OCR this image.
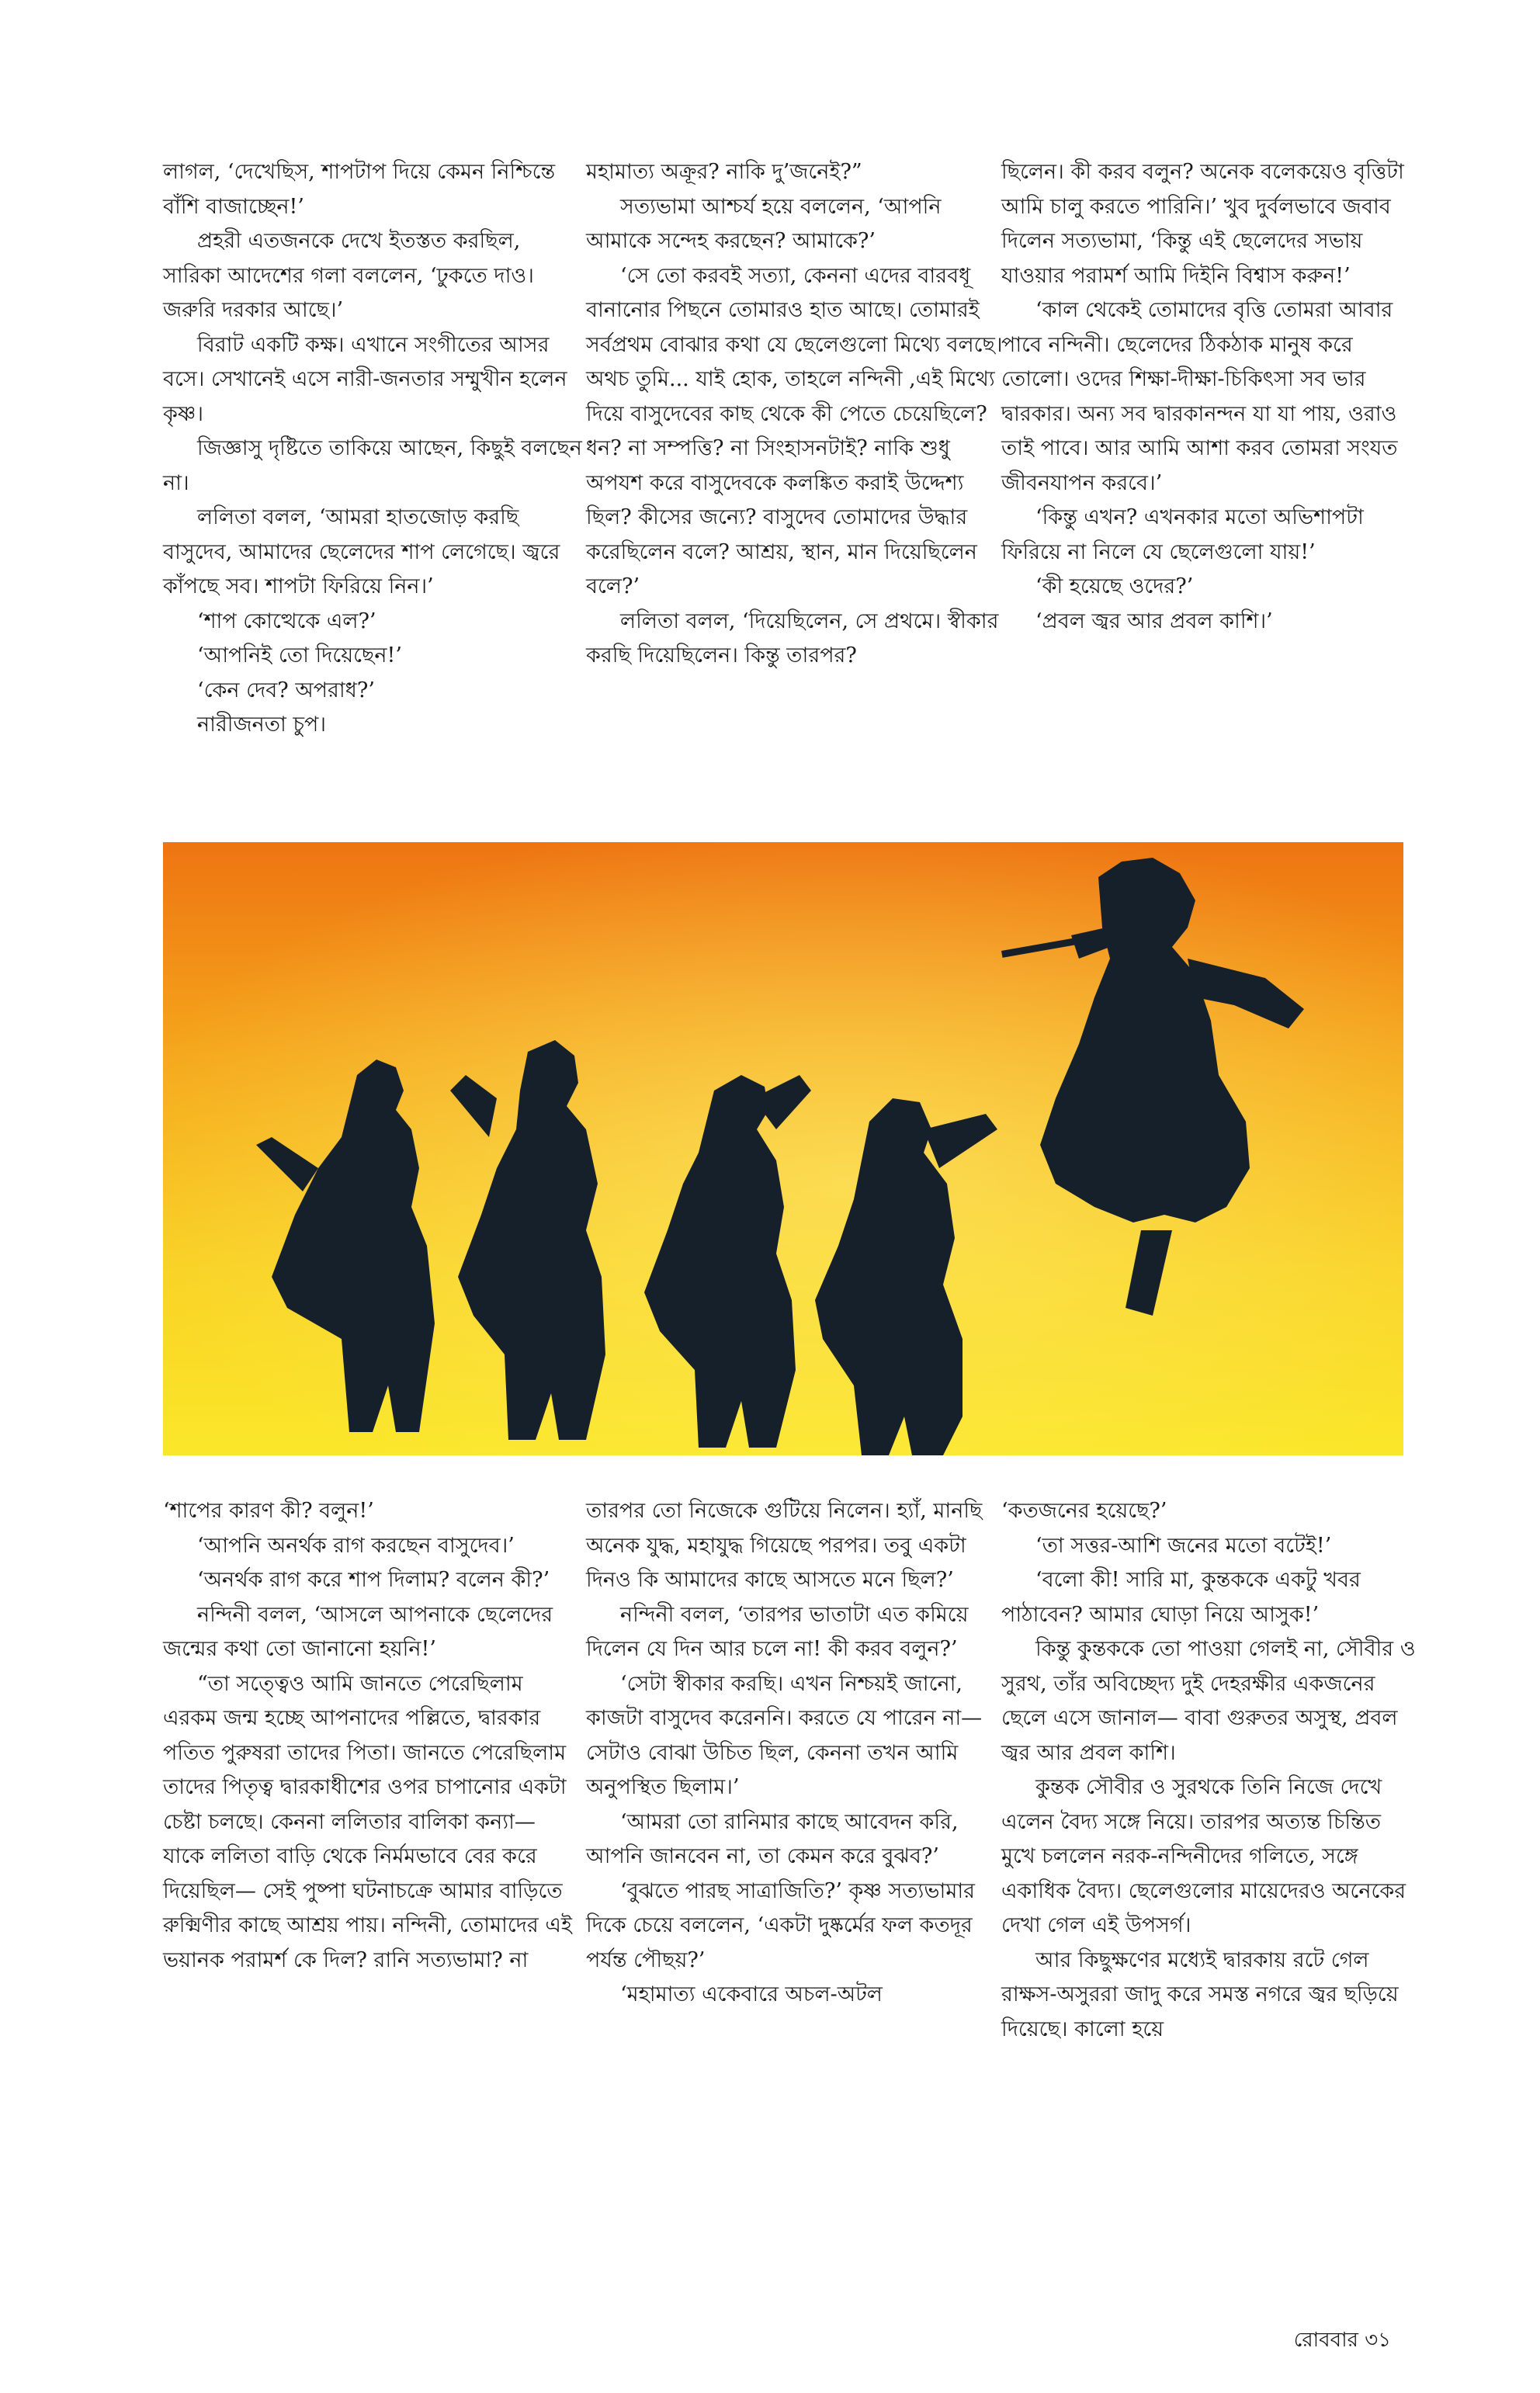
লাগল, ‘দেখেছিস, শাপটাপ দিয়ে কেমন নিশ্চিন্তে বাঁশি বাজাচ্ছেন!’

প্রহরী এতজনকে দেখে ইতস্তত করছিল, সারিকা আদেশের গলা বললেন, ‘ঢুকতে দাও। জরুরি দরকার আছে।’

বিরাট একটি কক্ষ। এখানে সংগীতের আসর বসে। সেখানেই এসে নারী-জনতার সম্মুখীন হলেন কৃষ্ণ।

জিজ্ঞাসু দৃষ্টিতে তাকিয়ে আছেন, কিছুই বলছেন না।

ললিতা বলল, ‘আমরা হাতজোড় করছি বাসুদেব, আমাদের ছেলেদের শাপ লেগেছে। জ্বরে কাঁপছে সব। শাপটা ফিরিয়ে নিন।’

‘শাপ কোত্থেকে এল?’

‘আপনিই তো দিয়েছেন!’

‘কেন দেব? অপরাধ?’

নারীজনতা চুপ।

মহামাত্য অক্রূর? নাকি দু’জনেই?”

সত্যভামা আশ্চর্য হয়ে বললেন, ‘আপনি আমাকে সন্দেহ করছেন? আমাকে?’

‘সে তো করবই সত্যা, কেননা এদের বারবধূ বানানোর পিছনে তোমারও হাত আছে। তোমারই সর্বপ্রথম বোঝার কথা যে ছেলেগুলো মিথ্যে বলছে। অথচ তুমি... যাই হোক, তাহলে নন্দিনী ,এই মিথ্যে দিয়ে বাসুদেবের কাছ থেকে কী পেতে চেয়েছিলে? ধন? না সম্পত্তি? না সিংহাসনটাই? নাকি শুধু অপযশ করে বাসুদেবকে কলঙ্কিত করাই উদ্দেশ্য ছিল? কীসের জন্যে? বাসুদেব তোমাদের উদ্ধার করেছিলেন বলে? আশ্রয়, স্থান, মান দিয়েছিলেন বলে?’

ললিতা বলল, ‘দিয়েছিলেন, সে প্রথমে। স্বীকার করছি দিয়েছিলেন। কিন্তু তারপর?

ছিলেন। কী করব বলুন? অনেক বলেকয়েও বৃত্তিটা আমি চালু করতে পারিনি।’ খুব দুর্বলভাবে জবাব দিলেন সত্যভামা, ‘কিন্তু এই ছেলেদের সভায় যাওয়ার পরামর্শ আমি দিইনি বিশ্বাস করুন!’

‘কাল থেকেই তোমাদের বৃত্তি তোমরা আবার পাবে নন্দিনী। ছেলেদের ঠিকঠাক মানুষ করে তোলো। ওদের শিক্ষা-দীক্ষা-চিকিৎসা সব ভার দ্বারকার। অন্য সব দ্বারকানন্দন যা যা পায়, ওরাও তাই পাবে। আর আমি আশা করব তোমরা সংযত জীবনযাপন করবে।’

‘কিন্তু এখন? এখনকার মতো অভিশাপটা ফিরিয়ে না নিলে যে ছেলেগুলো যায়!’

‘কী হয়েছে ওদের?’

‘প্রবল জ্বর আর প্রবল কাশি।’

‘শাপের কারণ কী? বলুন!’

‘আপনি অনর্থক রাগ করছেন বাসুদেব।’

‘অনর্থক রাগ করে শাপ দিলাম? বলেন কী?’

নন্দিনী বলল, ‘আসলে আপনাকে ছেলেদের জন্মের কথা তো জানানো হয়নি!’

“তা সত্ত্বেও আমি জানতে পেরেছিলাম এরকম জন্ম হচ্ছে আপনাদের পল্লিতে, দ্বারকার পতিত পুরুষরা তাদের পিতা। জানতে পেরেছিলাম তাদের পিতৃত্ব দ্বারকাধীশের ওপর চাপানোর একটা চেষ্টা চলছে। কেননা ললিতার বালিকা কন্যা— যাকে ললিতা বাড়ি থেকে নির্মমভাবে বের করে দিয়েছিল— সেই পুষ্পা ঘটনাচক্রে আমার বাড়িতে রুক্মিণীর কাছে আশ্রয় পায়। নন্দিনী, তোমাদের এই ভয়ানক পরামর্শ কে দিল? রানি সত্যভামা? না

তারপর তো নিজেকে গুটিয়ে নিলেন। হ্যাঁ, মানছি অনেক যুদ্ধ, মহাযুদ্ধ গিয়েছে পরপর। তবু একটা দিনও কি আমাদের কাছে আসতে মনে ছিল?’

নন্দিনী বলল, ‘তারপর ভাতাটা এত কমিয়ে দিলেন যে দিন আর চলে না! কী করব বলুন?’

‘সেটা স্বীকার করছি। এখন নিশ্চয়ই জানো, কাজটা বাসুদেব করেননি। করতে যে পারেন না— সেটাও বোঝা উচিত ছিল, কেননা তখন আমি অনুপস্থিত ছিলাম।’

‘আমরা তো রানিমার কাছে আবেদন করি, আপনি জানবেন না, তা কেমন করে বুঝব?’

‘বুঝতে পারছ সাত্রাজিতি?’ কৃষ্ণ সত্যভামার দিকে চেয়ে বললেন, ‘একটা দুষ্কর্মের ফল কতদূর পর্যন্ত পৌছয়?’

‘মহামাত্য একেবারে অচল-অটল

‘কতজনের হয়েছে?’

‘তা সত্তর-আশি জনের মতো বটেই!’

‘বলো কী! সারি মা, কুন্তককে একটু খবর পাঠাবেন? আমার ঘোড়া নিয়ে আসুক!’

কিন্তু কুন্তককে তো পাওয়া গেলই না, সৌবীর ও সুরথ, তাঁর অবিচ্ছেদ্য দুই দেহরক্ষীর একজনের ছেলে এসে জানাল— বাবা গুরুতর অসুস্থ, প্রবল জ্বর আর প্রবল কাশি।

কুন্তক সৌবীর ও সুরথকে তিনি নিজে দেখে এলেন বৈদ্য সঙ্গে নিয়ে। তারপর অত্যন্ত চিন্তিত মুখে চললেন নরক-নন্দিনীদের গলিতে, সঙ্গে একাধিক বৈদ্য। ছেলেগুলোর মায়েদেরও অনেকের দেখা গেল এই উপসর্গ।

আর কিছুক্ষণের মধ্যেই দ্বারকায় রটে গেল রাক্ষস-অসুররা জাদু করে সমস্ত নগরে জ্বর ছড়িয়ে দিয়েছে। কালো হয়ে

রোববার ৩১
